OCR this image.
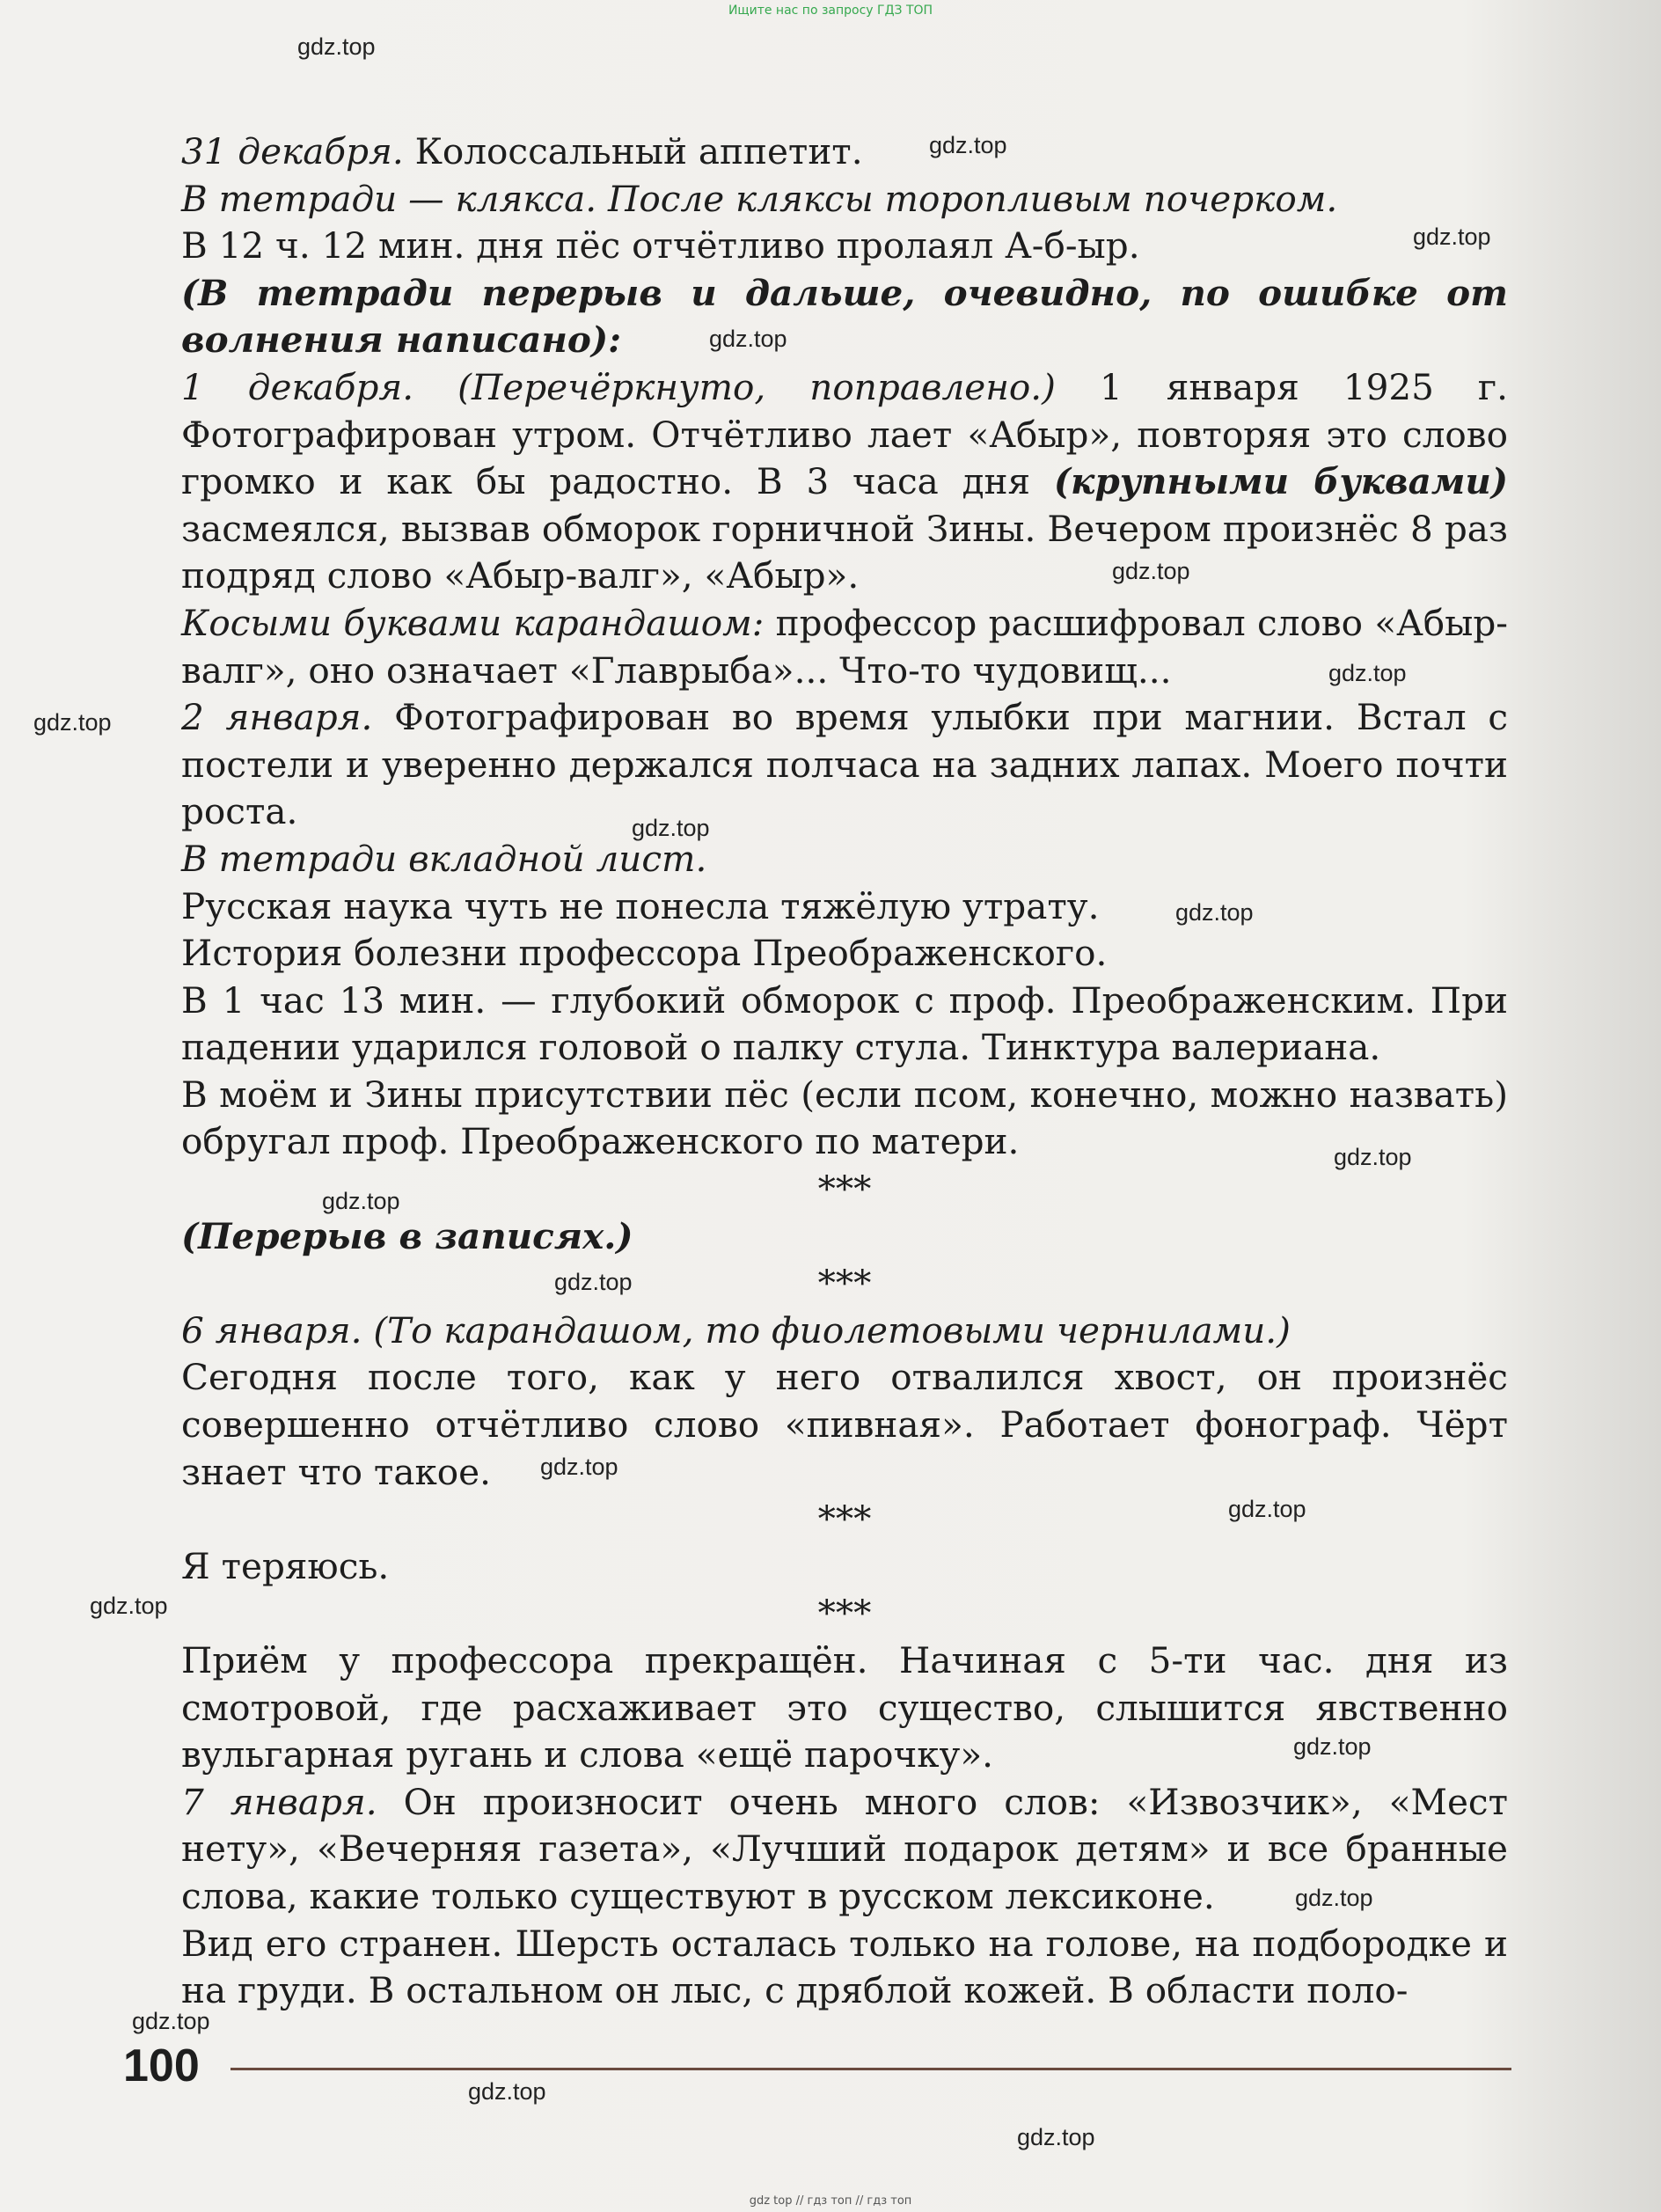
Ищите нас по запросу ГДЗ ТОП

31 декабря. Колоссальный аппетит.

В тетради — клякса. После кляксы торопливым почерком.

В 12 ч. 12 мин. дня пёс отчётливо пролаял А-б-ыр.

(В тетради перерыв и дальше, очевидно, по ошибке от волнения написано):

1 декабря. (Перечёркнуто, поправлено.) 1 января 1925 г. Фотографирован утром. Отчётливо лает «Абыр», повторяя это слово громко и как бы радостно. В 3 часа дня (крупными буквами) засмеялся, вызвав обморок горничной Зины. Вечером произнёс 8 раз подряд слово «Абыр-валг», «Абыр».

Косыми буквами карандашом: профессор расшифровал слово «Абыр-валг», оно означает «Главрыба»... Что-то чудовищ...

2 января. Фотографирован во время улыбки при магнии. Встал с постели и уверенно держался полчаса на задних лапах. Моего почти роста.

В тетради вкладной лист.

Русская наука чуть не понесла тяжёлую утрату.

История болезни профессора Преображенского.

В 1 час 13 мин. — глубокий обморок с проф. Преображенским. При падении ударился головой о палку стула. Тинктура валериана.

В моём и Зины присутствии пёс (если псом, конечно, можно назвать) обругал проф. Преображенского по матери.

***

(Перерыв в записях.)

***

6 января. (То карандашом, то фиолетовыми чернилами.)

Сегодня после того, как у него отвалился хвост, он произнёс совершенно отчётливо слово «пивная». Работает фонограф. Чёрт знает что такое.

***

Я теряюсь.

***

Приём у профессора прекращён. Начиная с 5-ти час. дня из смотровой, где расхаживает это существо, слышится явственно вульгарная ругань и слова «ещё парочку».

7 января. Он произносит очень много слов: «Извозчик», «Мест нету», «Вечерняя газета», «Лучший подарок детям» и все бранные слова, какие только существуют в русском лексиконе.

Вид его странен. Шерсть осталась только на голове, на подбородке и на груди. В остальном он лыс, с дряблой кожей. В области поло-

gdz.top
gdz.top
gdz.top
gdz.top
gdz.top
gdz.top
gdz.top
gdz.top
gdz.top
gdz.top
gdz.top
gdz.top
gdz.top
gdz.top
gdz.top
gdz.top
gdz.top
gdz.top
gdz.top
gdz.top
100
gdz top // гдз топ // гдз топ
